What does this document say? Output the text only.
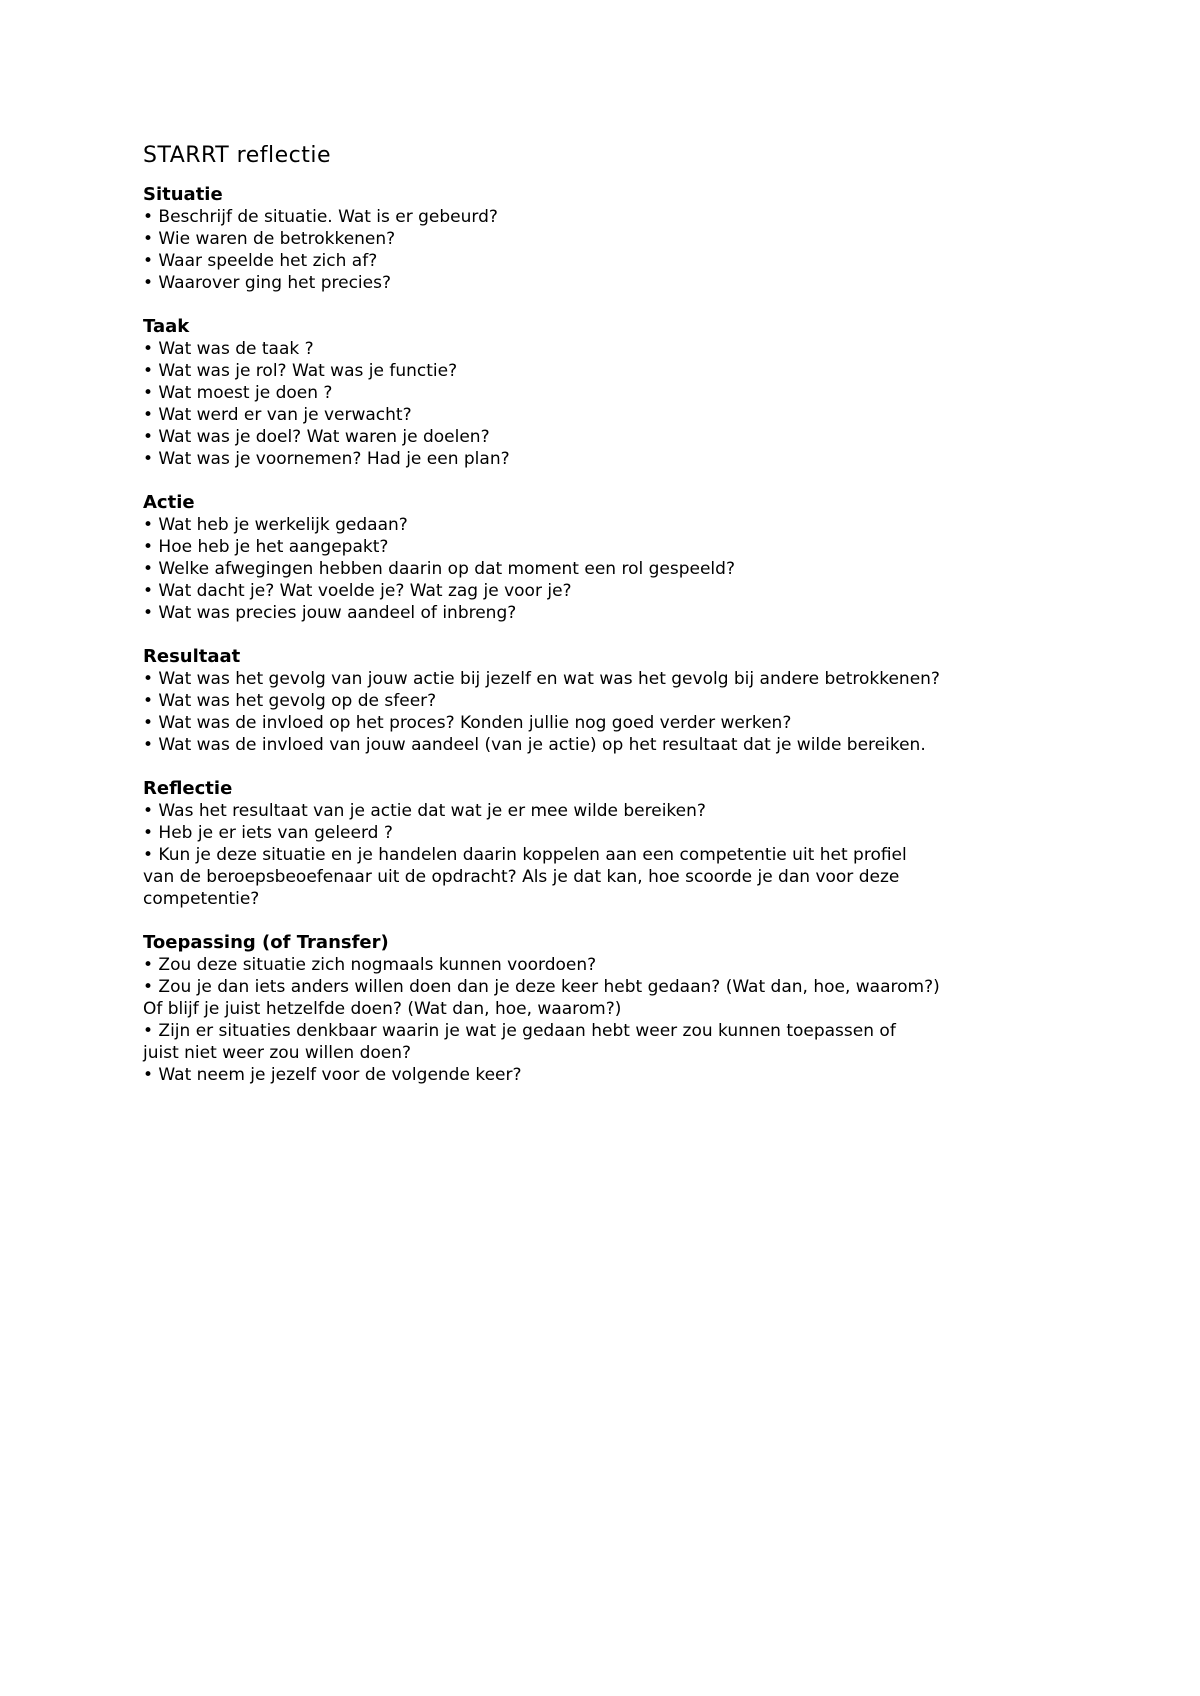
STARRT reflectie

Situatie

• Beschrijf de situatie. Wat is er gebeurd?

• Wie waren de betrokkenen?

• Waar speelde het zich af?

• Waarover ging het precies?

Taak

• Wat was de taak ?

• Wat was je rol? Wat was je functie?

• Wat moest je doen ?

• Wat werd er van je verwacht?

• Wat was je doel? Wat waren je doelen?

• Wat was je voornemen? Had je een plan?

Actie

• Wat heb je werkelijk gedaan?

• Hoe heb je het aangepakt?

• Welke afwegingen hebben daarin op dat moment een rol gespeeld?

• Wat dacht je? Wat voelde je? Wat zag je voor je?

• Wat was precies jouw aandeel of inbreng?

Resultaat

• Wat was het gevolg van jouw actie bij jezelf en wat was het gevolg bij andere betrokkenen?

• Wat was het gevolg op de sfeer?

• Wat was de invloed op het proces? Konden jullie nog goed verder werken?

• Wat was de invloed van jouw aandeel (van je actie) op het resultaat dat je wilde bereiken.

Reflectie

• Was het resultaat van je actie dat wat je er mee wilde bereiken?

• Heb je er iets van geleerd ?

• Kun je deze situatie en je handelen daarin koppelen aan een competentie uit het profiel

van de beroepsbeoefenaar uit de opdracht? Als je dat kan, hoe scoorde je dan voor deze

competentie?

Toepassing (of Transfer)

• Zou deze situatie zich nogmaals kunnen voordoen?

• Zou je dan iets anders willen doen dan je deze keer hebt gedaan? (Wat dan, hoe, waarom?)

Of blijf je juist hetzelfde doen? (Wat dan, hoe, waarom?)

• Zijn er situaties denkbaar waarin je wat je gedaan hebt weer zou kunnen toepassen of

juist niet weer zou willen doen?

• Wat neem je jezelf voor de volgende keer?
